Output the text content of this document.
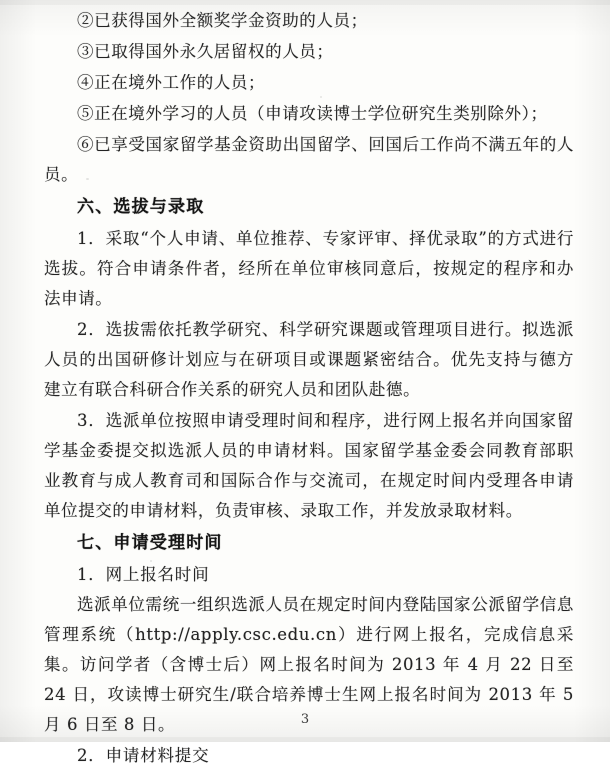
②已获得国外全额奖学金资助的人员；

③已取得国外永久居留权的人员；

④正在境外工作的人员；

⑤正在境外学习的人员（申请攻读博士学位研究生类别除外）；

⑥已享受国家留学基金资助出国留学、回国后工作尚不满五年的人员。

六、选拔与录取

1．采取“个人申请、单位推荐、专家评审、择优录取”的方式进行选拔。符合申请条件者，经所在单位审核同意后，按规定的程序和办法申请。

2．选拔需依托教学研究、科学研究课题或管理项目进行。拟选派人员的出国研修计划应与在研项目或课题紧密结合。优先支持与德方建立有联合科研合作关系的研究人员和团队赴德。

3．选派单位按照申请受理时间和程序，进行网上报名并向国家留学基金委提交拟选派人员的申请材料。国家留学基金委会同教育部职业教育与成人教育司和国际合作与交流司，在规定时间内受理各申请单位提交的申请材料，负责审核、录取工作，并发放录取材料。

七、申请受理时间

1．网上报名时间

选派单位需统一组织选派人员在规定时间内登陆国家公派留学信息管理系统（http://apply.csc.edu.cn）进行网上报名，完成信息采集。访问学者（含博士后）网上报名时间为 2013 年 4 月 22 日至 24 日，攻读博士研究生/联合培养博士生网上报名时间为 2013 年 5 月 6 日至 8 日。

2．申请材料提交

3
